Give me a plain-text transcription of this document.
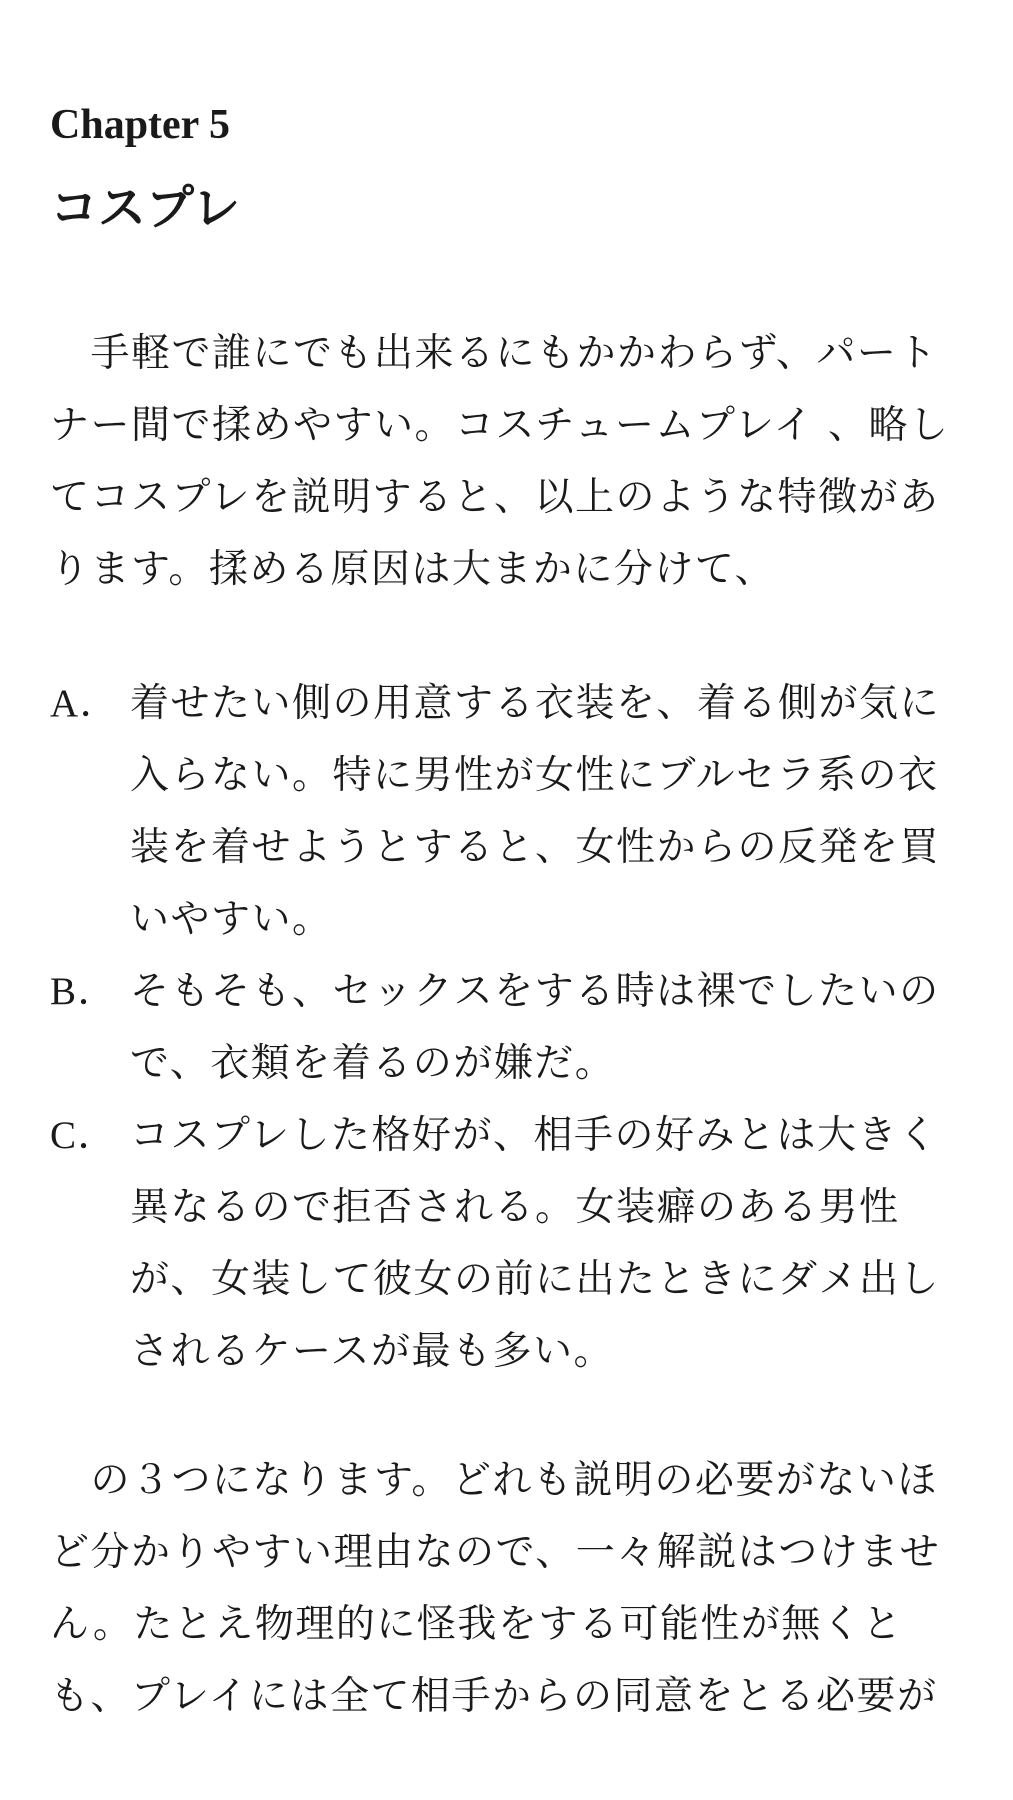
Chapter 5
コスプレ
　手軽で誰にでも出来るにもかかわらず、パート
ナー間で揉めやすい。コスチュームプレイ 、略し
てコスプレを説明すると、以上のような特徴があ
ります。揉める原因は大まかに分けて、
A． 着せたい側の用意する衣装を、着る側が気に
入らない。特に男性が女性にブルセラ系の衣
装を着せようとすると、女性からの反発を買
いやすい。
B． そもそも、セックスをする時は裸でしたいの
で、衣類を着るのが嫌だ。
C． コスプレした格好が、相手の好みとは大きく
異なるので拒否される。女装癖のある男性
が、女装して彼女の前に出たときにダメ出し
されるケースが最も多い。
　の３つになります。どれも説明の必要がないほ
ど分かりやすい理由なので、一々解説はつけませ
ん。たとえ物理的に怪我をする可能性が無くと
も、プレイには全て相手からの同意をとる必要が
